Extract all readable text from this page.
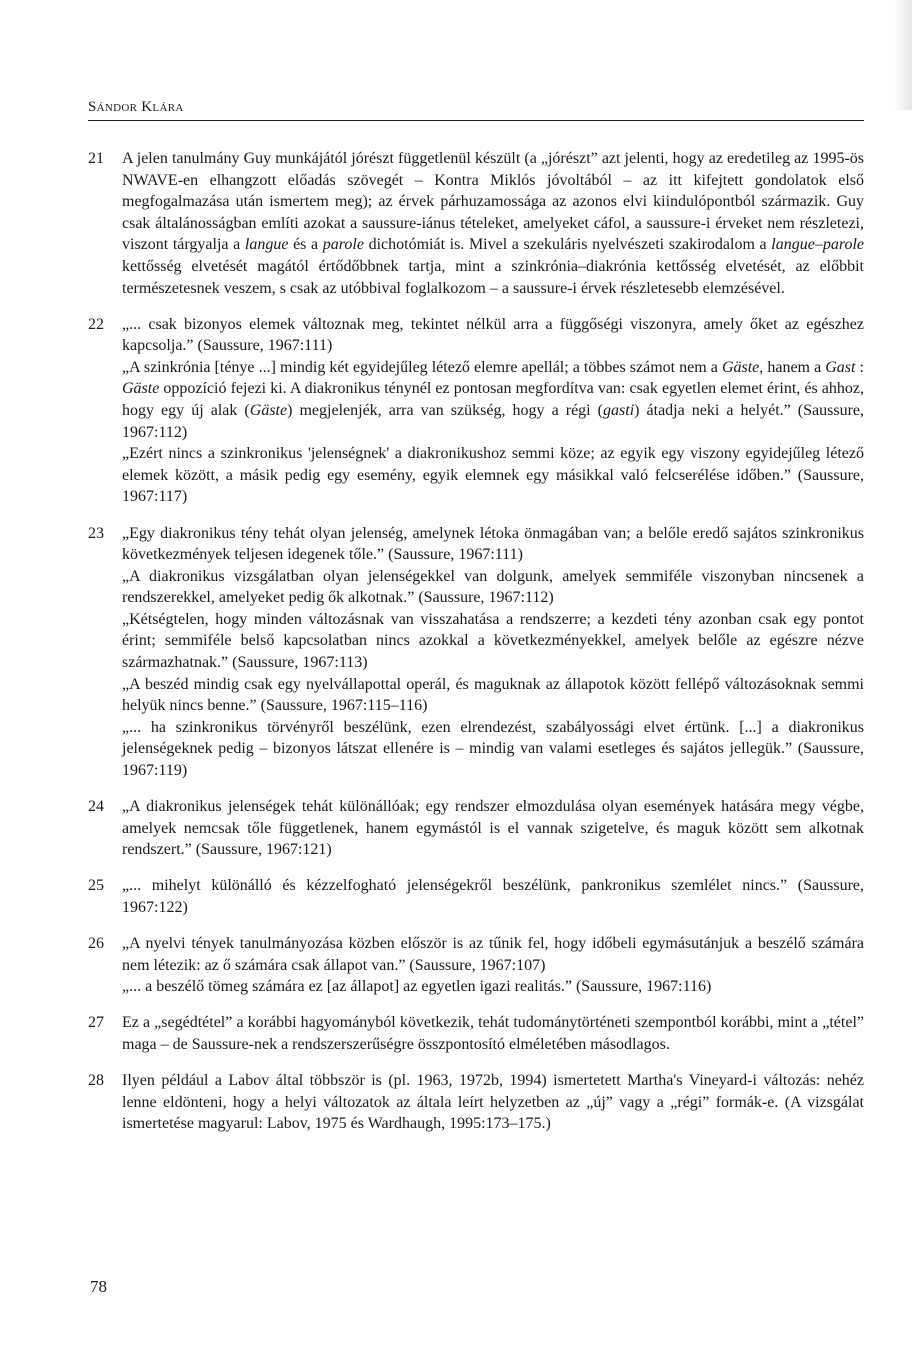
Sándor Klára
21 A jelen tanulmány Guy munkájától jórészt függetlenül készült (a „jórészt” azt jelenti, hogy az eredetileg az 1995-ös NWAVE-en elhangzott előadás szövegét – Kontra Miklós jóvoltából – az itt kifejtett gondolatok első megfogalmazása után ismertem meg); az érvek párhuzamossága az azonos elvi kiindulópontból származik. Guy csak általánosságban említi azokat a saussure-iánus tételeket, amelyeket cáfol, a saussure-i érveket nem részletezi, viszont tárgyalja a langue és a parole dichotómiát is. Mivel a szekuláris nyelvészeti szakirodalom a langue–parole kettősség elvetését magától értődőbbnek tartja, mint a szinkrónia–diakrónia kettősség elvetését, az előbbit természetesnek veszem, s csak az utóbbival foglalkozom – a saussure-i érvek részletesebb elemzésével.
22 „... csak bizonyos elemek változnak meg, tekintet nélkül arra a függőségi viszonyra, amely őket az egészhez kapcsolja.” (Saussure, 1967:111)
„A szinkrónia [ténye ...] mindig két egyidejűleg létező elemre apellál; a többes számot nem a Gäste, hanem a Gast : Gäste oppozíció fejezi ki. A diakronikus ténynél ez pontosan megfordítva van: csak egyetlen elemet érint, és ahhoz, hogy egy új alak (Gäste) megjelenjék, arra van szükség, hogy a régi (gasti) átadja neki a helyét.” (Saussure, 1967:112)
„Ezért nincs a szinkronikus 'jelenségnek' a diakronikushoz semmi köze; az egyik egy viszony egyidejűleg létező elemek között, a másik pedig egy esemény, egyik elemnek egy másikkal való felcserélése időben.” (Saussure, 1967:117)
23 „Egy diakronikus tény tehát olyan jelenség, amelynek létoka önmagában van; a belőle eredő sajátos szinkronikus következmények teljesen idegenek tőle.” (Saussure, 1967:111)
„A diakronikus vizsgálatban olyan jelenségekkel van dolgunk, amelyek semmiféle viszonyban nincsenek a rendszerekkel, amelyeket pedig ők alkotnak.” (Saussure, 1967:112)
„Kétségtelen, hogy minden változásnak van visszahatása a rendszerre; a kezdeti tény azonban csak egy pontot érint; semmiféle belső kapcsolatban nincs azokkal a következményekkel, amelyek belőle az egészre nézve származhatnak.” (Saussure, 1967:113)
„A beszéd mindig csak egy nyelvállapottal operál, és maguknak az állapotok között fellépő változásoknak semmi helyük nincs benne.” (Saussure, 1967:115–116)
„... ha szinkronikus törvényről beszélünk, ezen elrendezést, szabályossági elvet értünk. [...] a diakronikus jelenségeknek pedig – bizonyos látszat ellenére is – mindig van valami esetleges és sajátos jellegük.” (Saussure, 1967:119)
24 „A diakronikus jelenségek tehát különállóak; egy rendszer elmozdulása olyan események hatására megy végbe, amelyek nemcsak tőle függetlenek, hanem egymástól is el vannak szigetelve, és maguk között sem alkotnak rendszert.” (Saussure, 1967:121)
25 „... mihelyt különálló és kézzelfogható jelenségekről beszélünk, pankronikus szemlélet nincs.” (Saussure, 1967:122)
26 „A nyelvi tények tanulmányozása közben először is az tűnik fel, hogy időbeli egymásutánjuk a beszélő számára nem létezik: az ő számára csak állapot van.” (Saussure, 1967:107)
„... a beszélő tömeg számára ez [az állapot] az egyetlen igazi realitás.” (Saussure, 1967:116)
27 Ez a „segédtétel” a korábbi hagyományból következik, tehát tudománytörténeti szempontból korábbi, mint a „tétel” maga – de Saussure-nek a rendszerszerűségre összpontosító elméletében másodlagos.
28 Ilyen például a Labov által többször is (pl. 1963, 1972b, 1994) ismertetett Martha's Vineyard-i változás: nehéz lenne eldönteni, hogy a helyi változatok az általa leírt helyzetben az „új” vagy a „régi” formák-e. (A vizsgálat ismertetése magyarul: Labov, 1975 és Wardhaugh, 1995:173–175.)
78
